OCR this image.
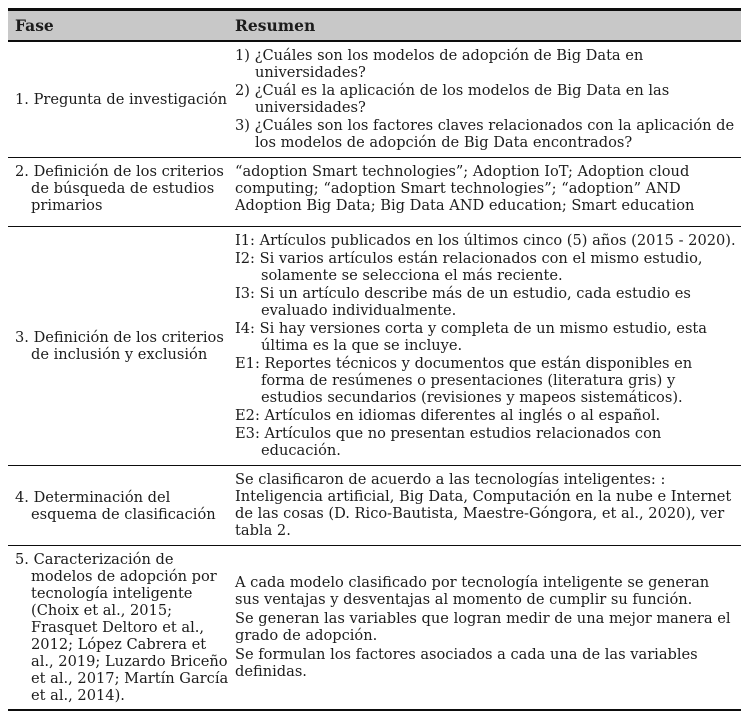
Fase	Resumen
1. Pregunta de investigación
1) ¿Cuáles son los modelos de adopción de Big Data en universidades?
2) ¿Cuál es la aplicación de los modelos de Big Data en las universidades?
3) ¿Cuáles son los factores claves relacionados con la aplicación de los modelos de adopción de Big Data encontrados?
2. Definición de los criterios de búsqueda de estudios primarios
“adoption Smart technologies”; Adoption IoT; Adoption cloud computing; “adoption Smart technologies”; “adoption” AND Adoption Big Data; Big Data AND education; Smart education
3. Definición de los criterios de inclusión y exclusión
I1: Artículos publicados en los últimos cinco (5) años (2015 - 2020).
I2: Si varios artículos están relacionados con el mismo estudio, solamente se selecciona el más reciente.
I3: Si un artículo describe más de un estudio, cada estudio es evaluado individualmente.
I4: Si hay versiones corta y completa de un mismo estudio, esta última es la que se incluye.
E1: Reportes técnicos y documentos que están disponibles en forma de resúmenes o presentaciones (literatura gris) y estudios secundarios (revisiones y mapeos sistemáticos).
E2: Artículos en idiomas diferentes al inglés o al español.
E3: Artículos que no presentan estudios relacionados con educación.
4. Determinación del esquema de clasificación
Se clasificaron de acuerdo a las tecnologías inteligentes: : Inteligencia artificial, Big Data, Computación en la nube e Internet de las cosas (D. Rico-Bautista, Maestre-Góngora, et al., 2020), ver tabla 2.
5. Caracterización de modelos de adopción por tecnología inteligente (Choix et al., 2015; Frasquet Deltoro et al., 2012; López Cabrera et al., 2019; Luzardo Briceño et al., 2017; Martín García et al., 2014).
A cada modelo clasificado por tecnología inteligente se generan sus ventajas y desventajas al momento de cumplir su función.
Se generan las variables que logran medir de una mejor manera el grado de adopción.
Se formulan los factores asociados a cada una de las variables definidas.
